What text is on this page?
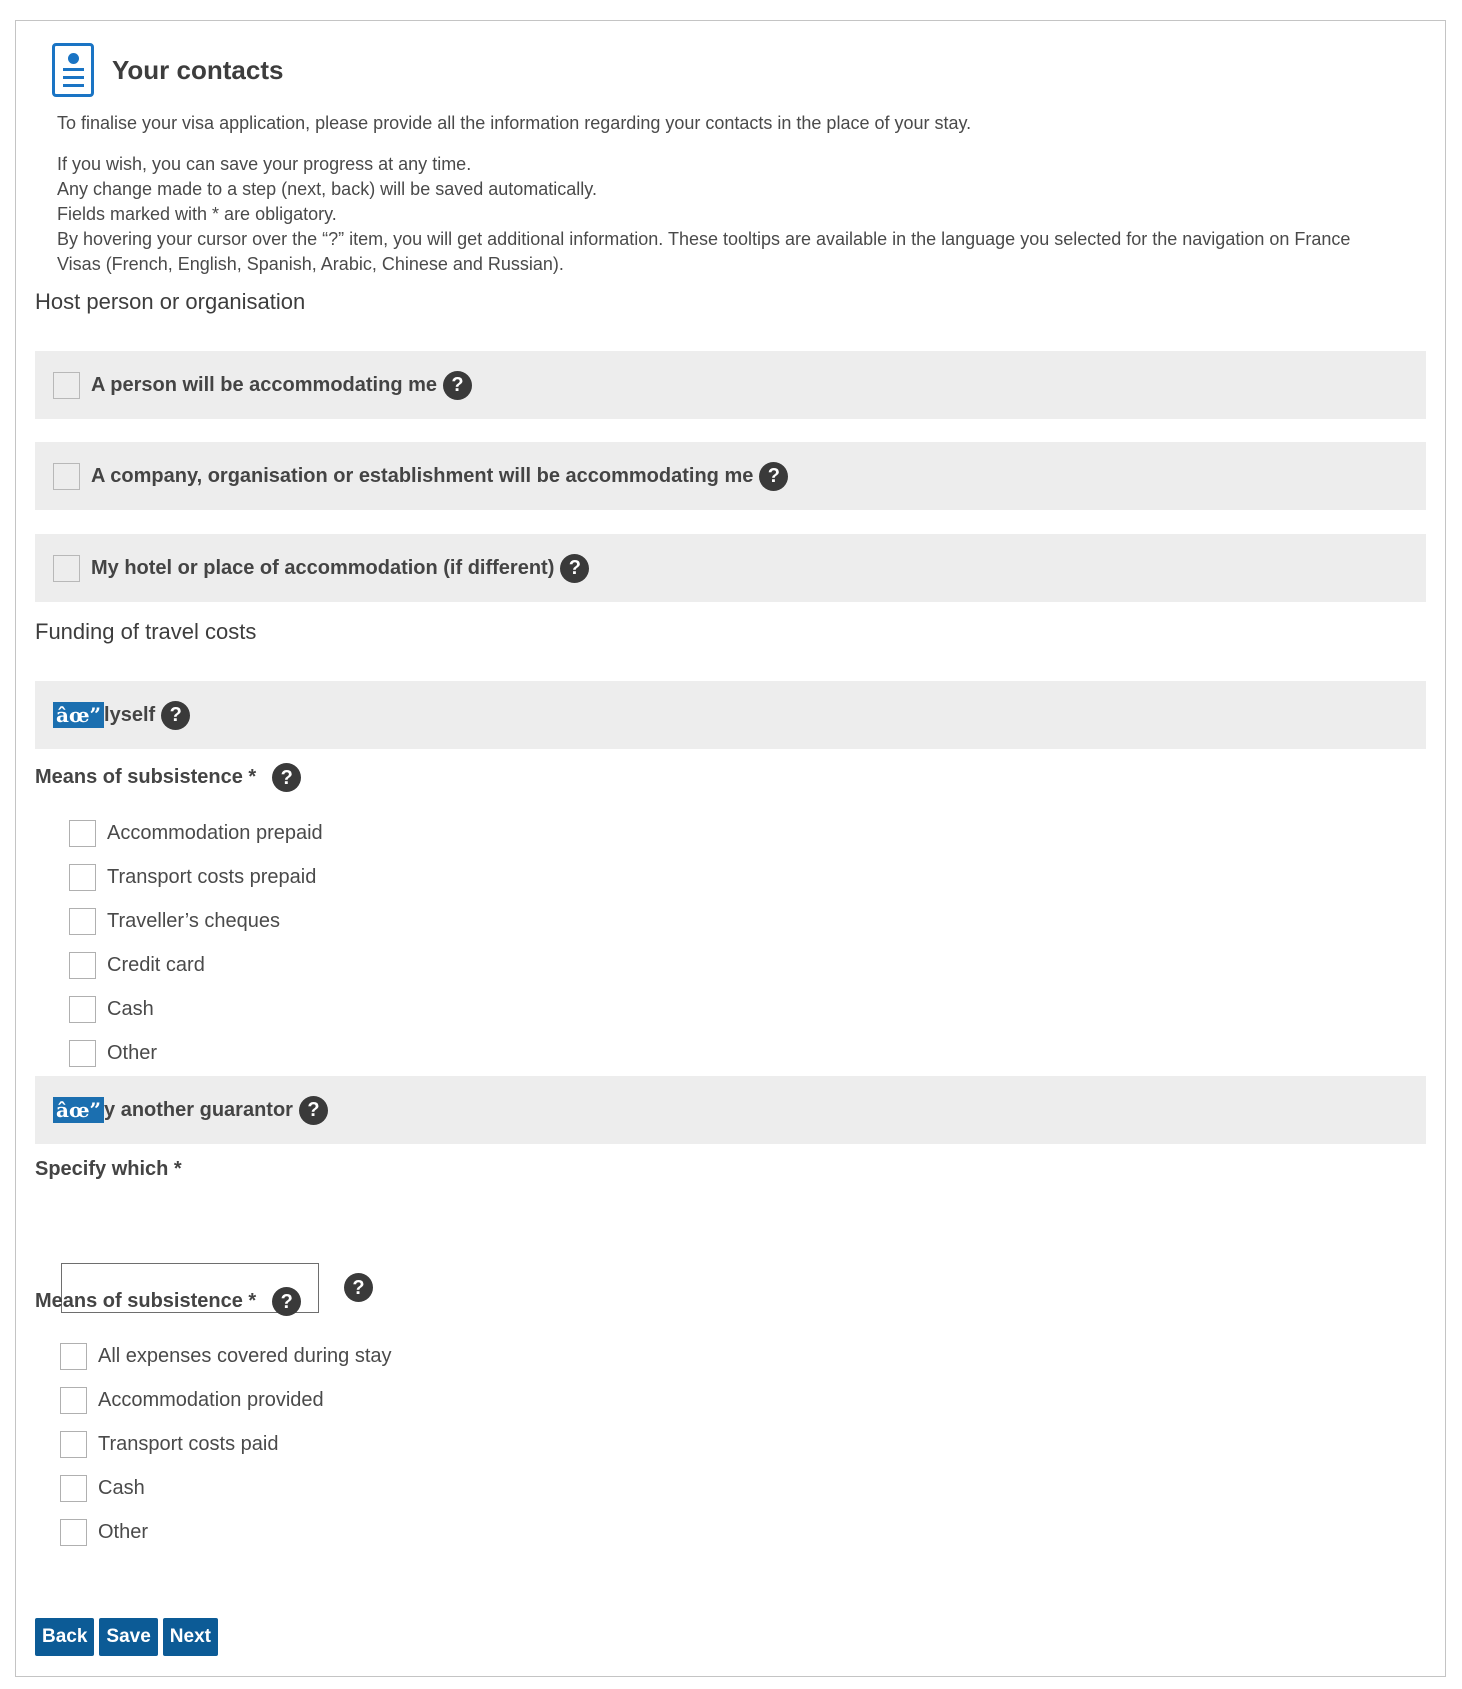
Your contacts

To finalise your visa application, please provide all the information regarding your contacts in the place of your stay.

If you wish, you can save your progress at any time.

Any change made to a step (next, back) will be saved automatically.

Fields marked with * are obligatory.

By hovering your cursor over the “?” item, you will get additional information. These tooltips are available in the language you selected for the navigation on France Visas (French, English, Spanish, Arabic, Chinese and Russian).

Host person or organisation
A person will be accommodating me ?
A company, organisation or establishment will be accommodating me ?
My hotel or place of accommodation (if different) ?
Funding of travel costs
âœ” lyself ?
Means of subsistence *	?
Accommodation prepaid
Transport costs prepaid
Traveller’s cheques
Credit card
Cash
Other
âœ” y another guarantor ?
Specify which *
?
Means of subsistence *	?
All expenses covered during stay
Accommodation provided
Transport costs paid
Cash
Other
Back	Save	Next
